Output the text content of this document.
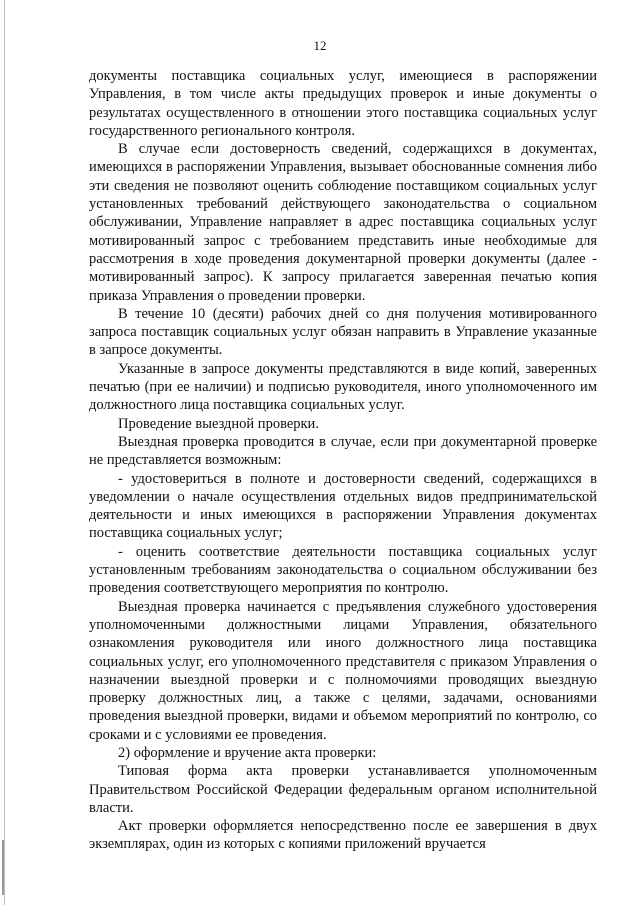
12

документы поставщика социальных услуг, имеющиеся в распоряжении Управления, в том числе акты предыдущих проверок и иные документы о результатах осуществленного в отношении этого поставщика социальных услуг государственного регионального контроля.

В случае если достоверность сведений, содержащихся в документах, имеющихся в распоряжении Управления, вызывает обоснованные сомнения либо эти сведения не позволяют оценить соблюдение поставщиком социальных услуг установленных требований действующего законодательства о социальном обслуживании, Управление направляет в адрес поставщика социальных услуг мотивированный запрос с требованием представить иные необходимые для рассмотрения в ходе проведения документарной проверки документы (далее - мотивированный запрос). К запросу прилагается заверенная печатью копия приказа Управления о проведении проверки.

В течение 10 (десяти) рабочих дней со дня получения мотивированного запроса поставщик социальных услуг обязан направить в Управление указанные в запросе документы.

Указанные в запросе документы представляются в виде копий, заверенных печатью (при ее наличии) и подписью руководителя, иного уполномоченного им должностного лица поставщика социальных услуг.

Проведение выездной проверки.

Выездная проверка проводится в случае, если при документарной проверке не представляется возможным:

- удостовериться в полноте и достоверности сведений, содержащихся в уведомлении о начале осуществления отдельных видов предпринимательской деятельности и иных имеющихся в распоряжении Управления документах поставщика социальных услуг;

- оценить соответствие деятельности поставщика социальных услуг установленным требованиям законодательства о социальном обслуживании без проведения соответствующего мероприятия по контролю.

Выездная проверка начинается с предъявления служебного удостоверения уполномоченными должностными лицами Управления, обязательного ознакомления руководителя или иного должностного лица поставщика социальных услуг, его уполномоченного представителя с приказом Управления о назначении выездной проверки и с полномочиями проводящих выездную проверку должностных лиц, а также с целями, задачами, основаниями проведения выездной проверки, видами и объемом мероприятий по контролю, со сроками и с условиями ее проведения.

2) оформление и вручение акта проверки:

Типовая форма акта проверки устанавливается уполномоченным Правительством Российской Федерации федеральным органом исполнительной власти.

Акт проверки оформляется непосредственно после ее завершения в двух экземплярах, один из которых с копиями приложений вручается
